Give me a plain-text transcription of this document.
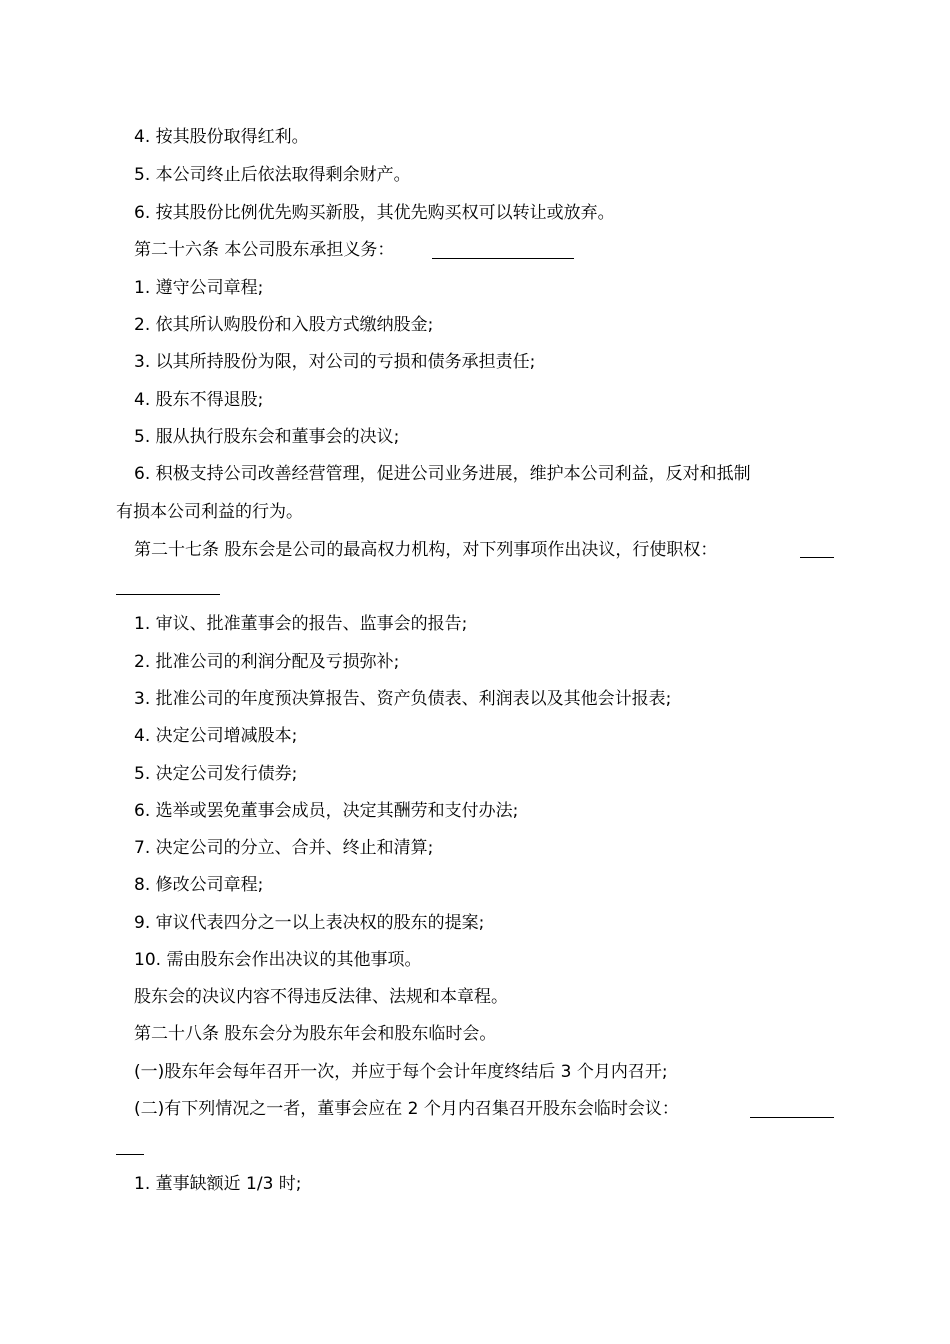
4. 按其股份取得红利。
5. 本公司终止后依法取得剩余财产。
6. 按其股份比例优先购买新股，其优先购买权可以转让或放弃。
第二十六条 本公司股东承担义务：
1. 遵守公司章程;
2. 依其所认购股份和入股方式缴纳股金;
3. 以其所持股份为限，对公司的亏损和债务承担责任;
4. 股东不得退股;
5. 服从执行股东会和董事会的决议;
6. 积极支持公司改善经营管理，促进公司业务进展，维护本公司利益，反对和抵制
有损本公司利益的行为。
第二十七条 股东会是公司的最高权力机构，对下列事项作出决议，行使职权：
1. 审议、批准董事会的报告、监事会的报告;
2. 批准公司的利润分配及亏损弥补;
3. 批准公司的年度预决算报告、资产负债表、利润表以及其他会计报表;
4. 决定公司增减股本;
5. 决定公司发行债券;
6. 选举或罢免董事会成员，决定其酬劳和支付办法;
7. 决定公司的分立、合并、终止和清算;
8. 修改公司章程;
9. 审议代表四分之一以上表决权的股东的提案;
10. 需由股东会作出决议的其他事项。
股东会的决议内容不得违反法律、法规和本章程。
第二十八条 股东会分为股东年会和股东临时会。
(一)股东年会每年召开一次，并应于每个会计年度终结后 3 个月内召开;
(二)有下列情况之一者，董事会应在 2 个月内召集召开股东会临时会议：
1. 董事缺额近 1/3 时;
